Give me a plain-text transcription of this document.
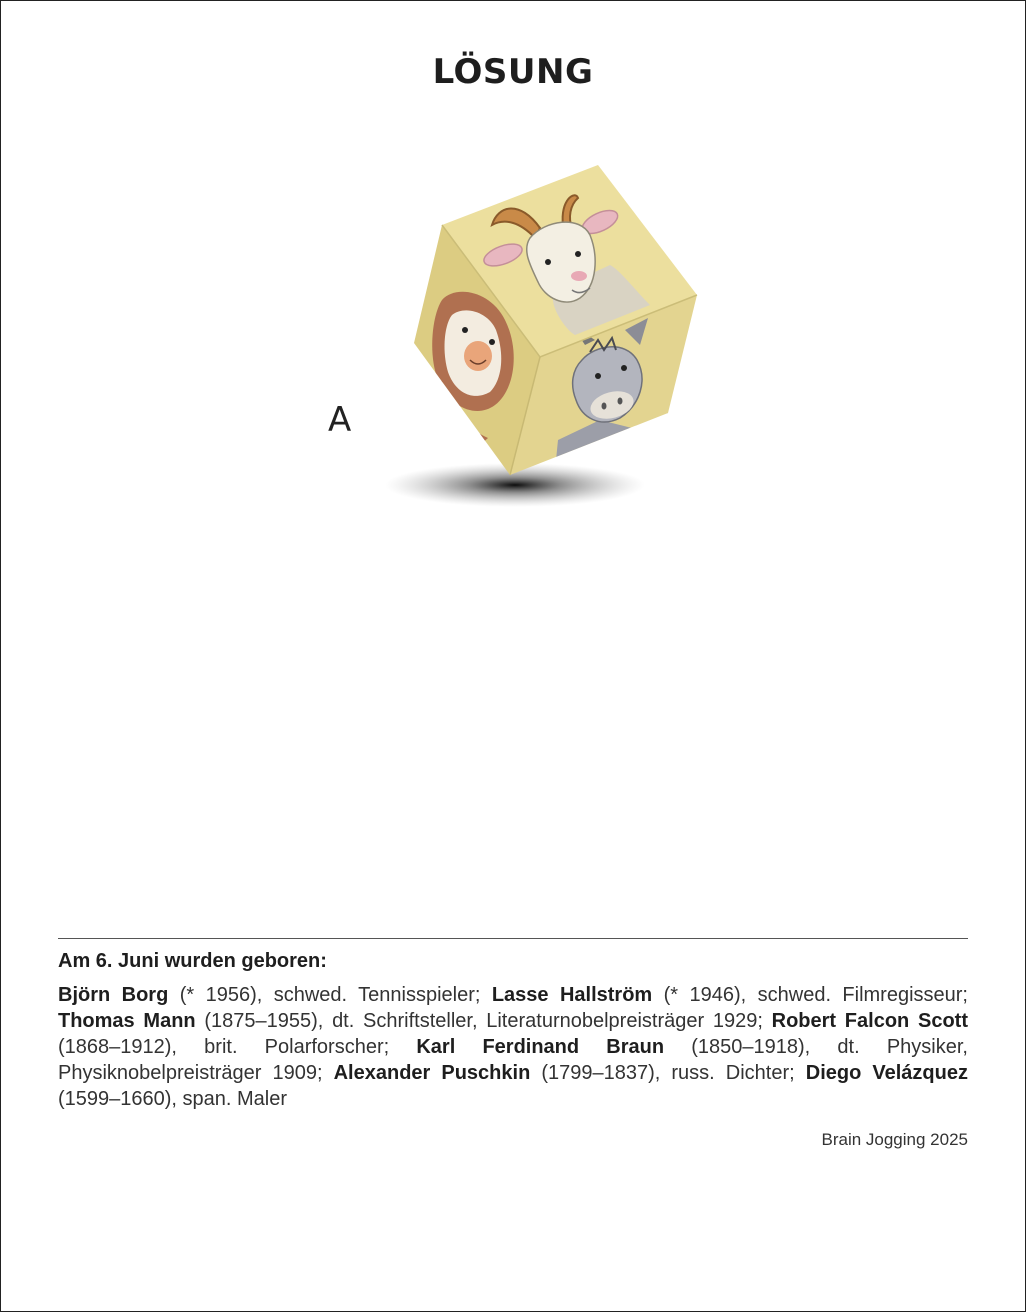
LÖSUNG
A
Am 6. Juni wurden geboren:
Björn Borg (* 1956), schwed. Tennisspieler; Lasse Hallström (* 1946), schwed. Filmregisseur; Thomas Mann (1875–1955), dt. Schriftsteller, Literaturnobelpreisträger 1929; Robert Falcon Scott (1868–1912), brit. Polarforscher; Karl Ferdinand Braun (1850–1918), dt. Physiker, Physiknobelpreisträger 1909; Alexander Puschkin (1799–1837), russ. Dichter; Diego Velázquez (1599–1660), span. Maler
Brain Jogging 2025
